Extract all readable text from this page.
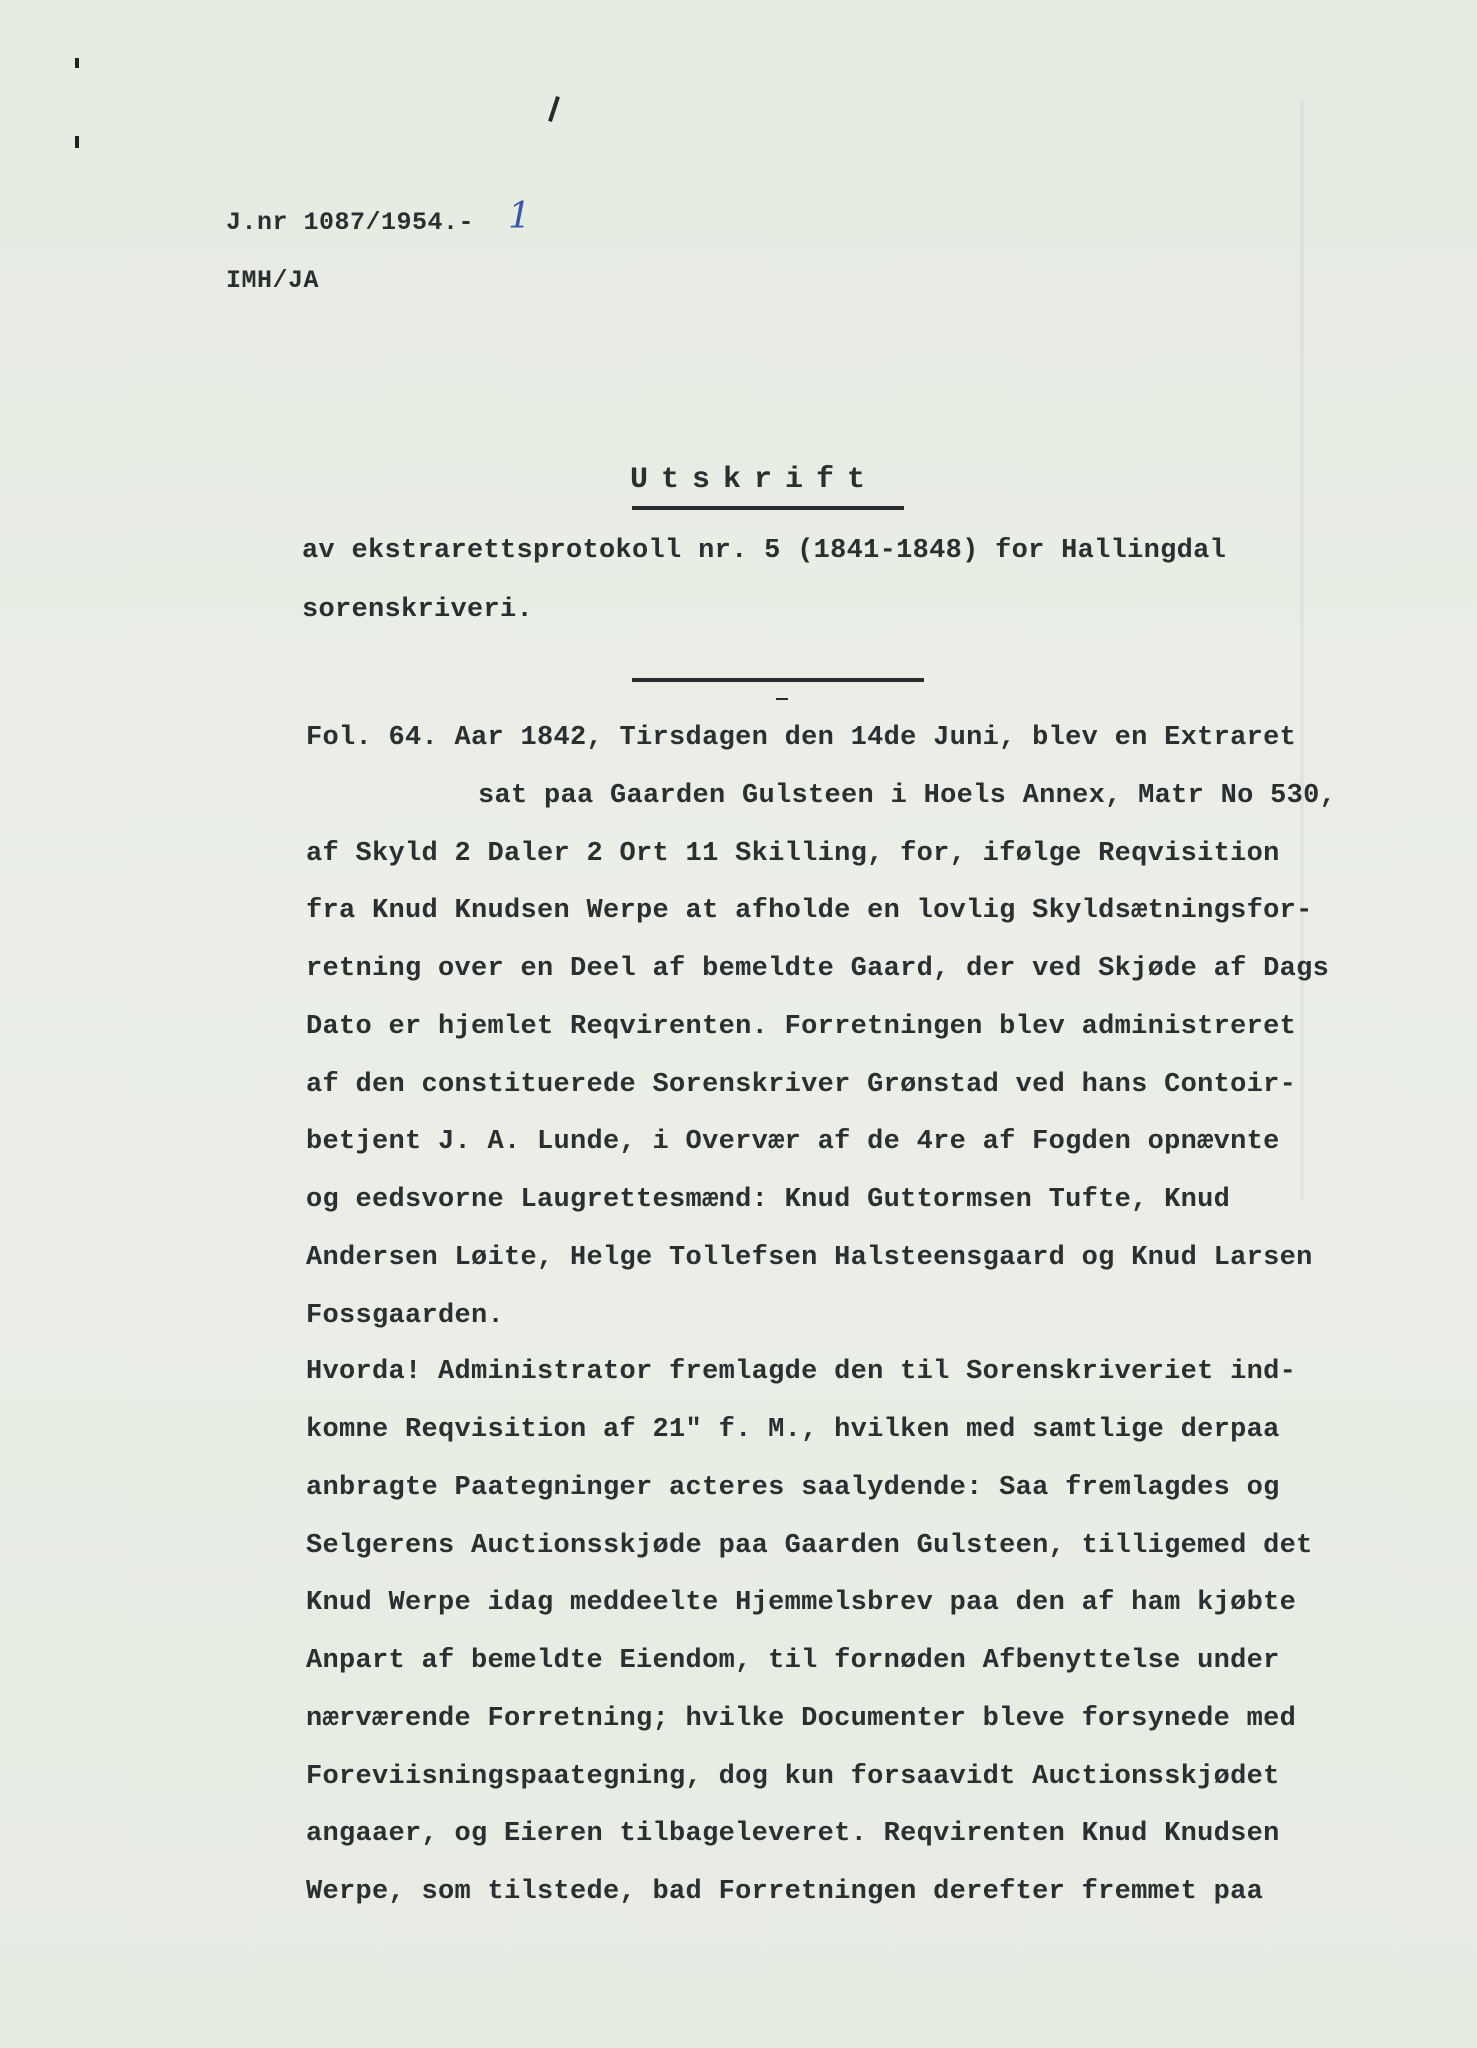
J.nr 1087/1954.- 1
IMH/JA
Utskrift
av ekstrarettsprotokoll nr. 5 (1841-1848) for Hallingdal
sorenskriveri.
Fol. 64. Aar 1842, Tirsdagen den 14de Juni, blev en Extraret
sat paa Gaarden Gulsteen i Hoels Annex, Matr No 530,
af Skyld 2 Daler 2 Ort 11 Skilling, for, ifølge Reqvisition
fra Knud Knudsen Werpe at afholde en lovlig Skyldsætningsfor-
retning over en Deel af bemeldte Gaard, der ved Skjøde af Dags
Dato er hjemlet Reqvirenten. Forretningen blev administreret
af den constituerede Sorenskriver Grønstad ved hans Contoir-
betjent J. A. Lunde, i Overvær af de 4re af Fogden opnævnte
og eedsvorne Laugrettesmænd: Knud Guttormsen Tufte, Knud
Andersen Løite, Helge Tollefsen Halsteensgaard og Knud Larsen
Fossgaarden.
Hvorda! Administrator fremlagde den til Sorenskriveriet ind-
komne Reqvisition af 21" f. M., hvilken med samtlige derpaa
anbragte Paategninger acteres saalydende: Saa fremlagdes og
Selgerens Auctionsskjøde paa Gaarden Gulsteen, tilligemed det
Knud Werpe idag meddeelte Hjemmelsbrev paa den af ham kjøbte
Anpart af bemeldte Eiendom, til fornøden Afbenyttelse under
nærværende Forretning; hvilke Documenter bleve forsynede med
Foreviisningspaategning, dog kun forsaavidt Auctionsskjødet
angaaer, og Eieren tilbageleveret. Reqvirenten Knud Knudsen
Werpe, som tilstede, bad Forretningen derefter fremmet paa
